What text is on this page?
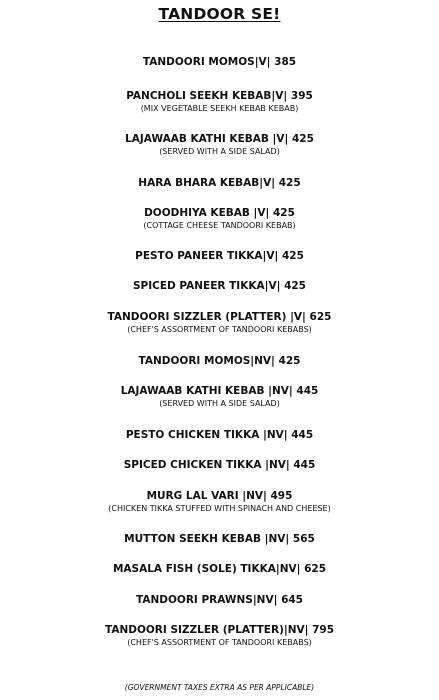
TANDOOR SE!
TANDOORI MOMOS|V| 385
PANCHOLI SEEKH KEBAB|V| 395
(MIX VEGETABLE SEEKH KEBAB KEBAB)
LAJAWAAB KATHI KEBAB |V| 425
(SERVED WITH A SIDE SALAD)
HARA BHARA KEBAB|V| 425
DOODHIYA KEBAB |V| 425
(COTTAGE CHEESE TANDOORI KEBAB)
PESTO PANEER TIKKA|V| 425
SPICED PANEER TIKKA|V| 425
TANDOORI SIZZLER (PLATTER) |V| 625
(CHEF'S ASSORTMENT OF TANDOORI KEBABS)
TANDOORI MOMOS|NV| 425
LAJAWAAB KATHI KEBAB |NV| 445
(SERVED WITH A SIDE SALAD)
PESTO CHICKEN TIKKA |NV| 445
SPICED CHICKEN TIKKA |NV| 445
MURG LAL VARI |NV| 495
(CHICKEN TIKKA STUFFED WITH SPINACH AND CHEESE)
MUTTON SEEKH KEBAB |NV| 565
MASALA FISH (SOLE) TIKKA|NV| 625
TANDOORI PRAWNS|NV| 645
TANDOORI SIZZLER (PLATTER)|NV| 795
(CHEF'S ASSORTMENT OF TANDOORI KEBABS)
(GOVERNMENT TAXES EXTRA AS PER APPLICABLE)
